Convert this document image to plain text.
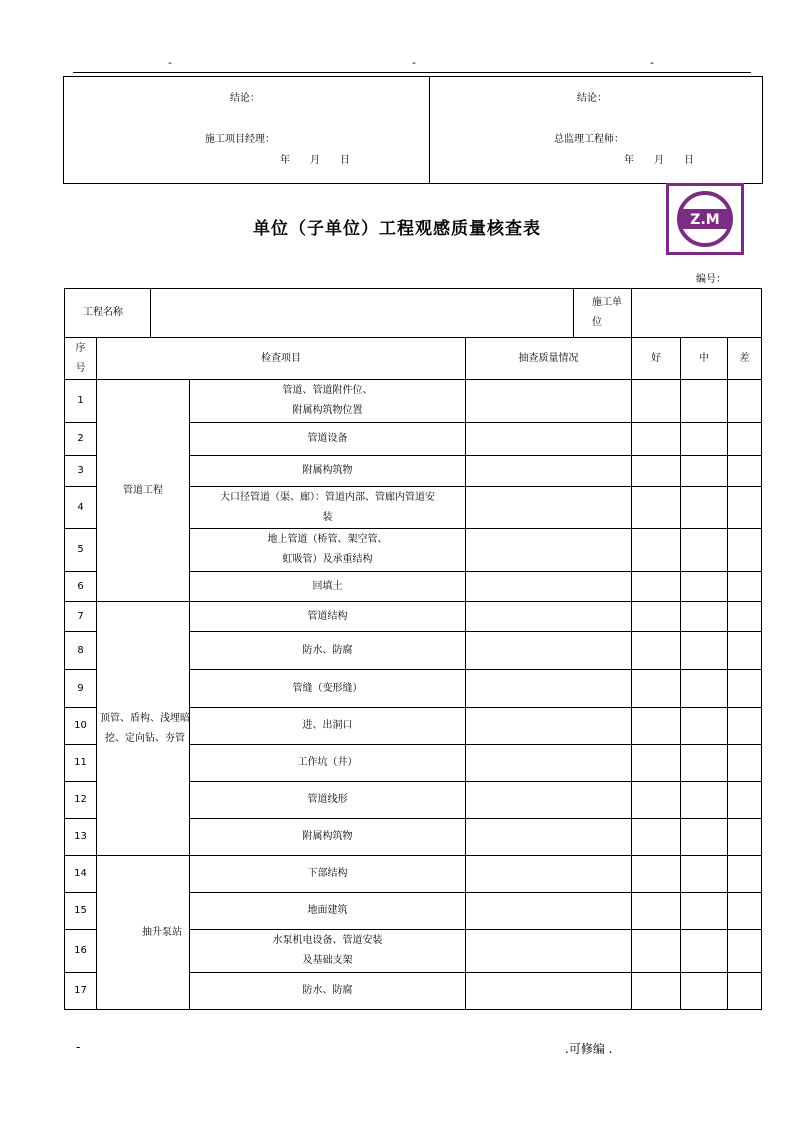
-	-	-
结论：
施工项目经理：
年 月 日

结论：
总监理工程师：
年 月 日
单位（子单位）工程观感质量核查表	Z.M
编号：
工程名称					施工单位			

序
号	检查项目			抽查质量情况		好	中	差
1	管道工程		管道、管道附件位、
附属构筑物位置					

2			管道设备					

3			附属构筑物					

4			大口径管道（渠、廊）：管道内部、管廊内管道安
装					

5			地上管道（桥管、架空管、
虹吸管）及承重结构					

6			回填土					

7	顶管、盾构、浅埋暗挖、定向钻、夯管		管道结构					

8			防水、防腐					

9			管缝（变形缝）					

10			进、出洞口					

11			工作坑（井）					

12			管道线形					

13			附属构筑物					

14	抽升泵站		下部结构					

15			地面建筑					

16			水泵机电设备、管道安装
及基础支架					

17			防水、防腐					

-	.可修编 .
